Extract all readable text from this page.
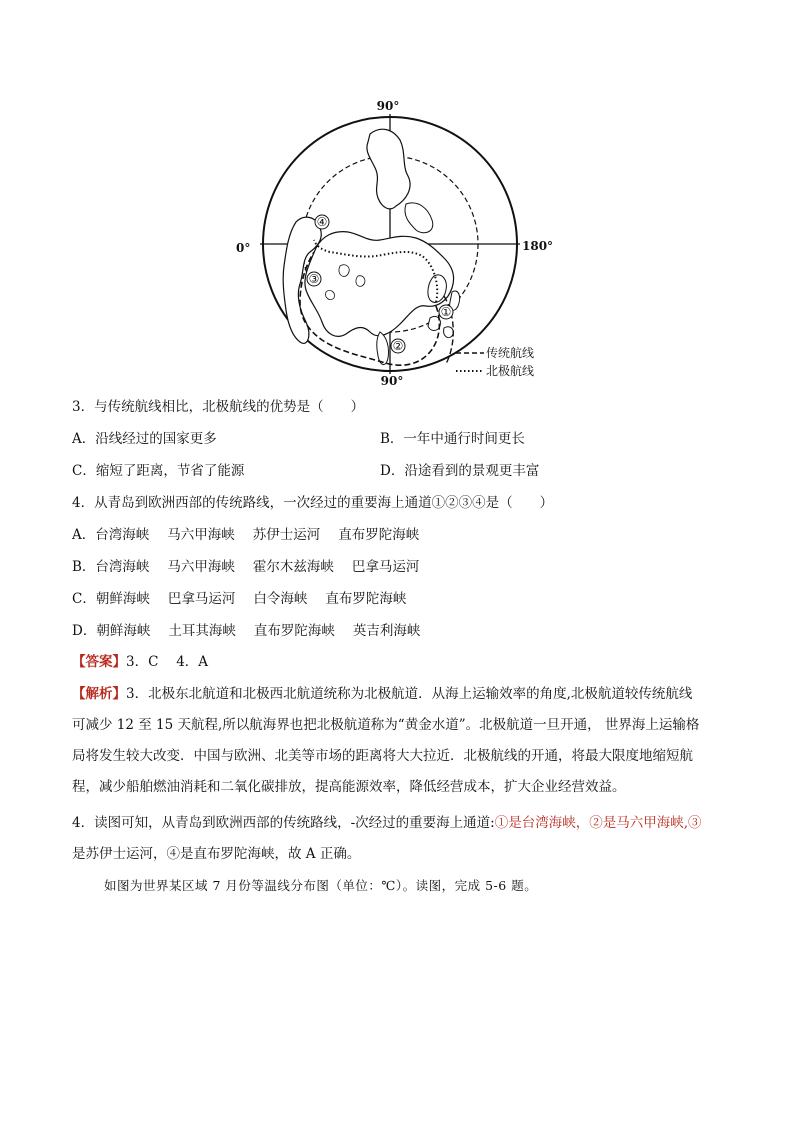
①
②
③
④
90°
90°
0°	180°
传统航线
北极航线
3．与传统航线相比，北极航线的优势是（　　）
A．沿线经过的国家更多	B．一年中通行时间更长
C．缩短了距离，节省了能源	D．沿途看到的景观更丰富
4．从青岛到欧洲西部的传统路线，一次经过的重要海上通道①②③④是（　　）
A．台湾海峡 马六甲海峡 苏伊士运河 直布罗陀海峡
B．台湾海峡 马六甲海峡 霍尔木兹海峡 巴拿马运河
C．朝鲜海峡 巴拿马运河 白令海峡 直布罗陀海峡
D．朝鲜海峡 土耳其海峡 直布罗陀海峡 英吉利海峡
【答案】3．C　 4．A
【解析】3．北极东北航道和北极西北航道统称为北极航道．从海上运输效率的角度,北极航道较传统航线
可减少 12 至 15 天航程,所以航海界也把北极航道称为“黄金水道”。北极航道一旦开通， 世界海上运输格
局将发生较大改变．中国与欧洲、北美等市场的距离将大大拉近．北极航线的开通，将最大限度地缩短航
程，减少船舶燃油消耗和二氧化碳排放，提高能源效率，降低经营成本，扩大企业经营效益。
4．读图可知，从青岛到欧洲西部的传统路线，-次经过的重要海上通道:①是台湾海峡，②是马六甲海峡,③
是苏伊士运河，④是直布罗陀海峡，故 A 正确。
如图为世界某区域 7 月份等温线分布图（单位：℃）。读图，完成 5-6 题。
